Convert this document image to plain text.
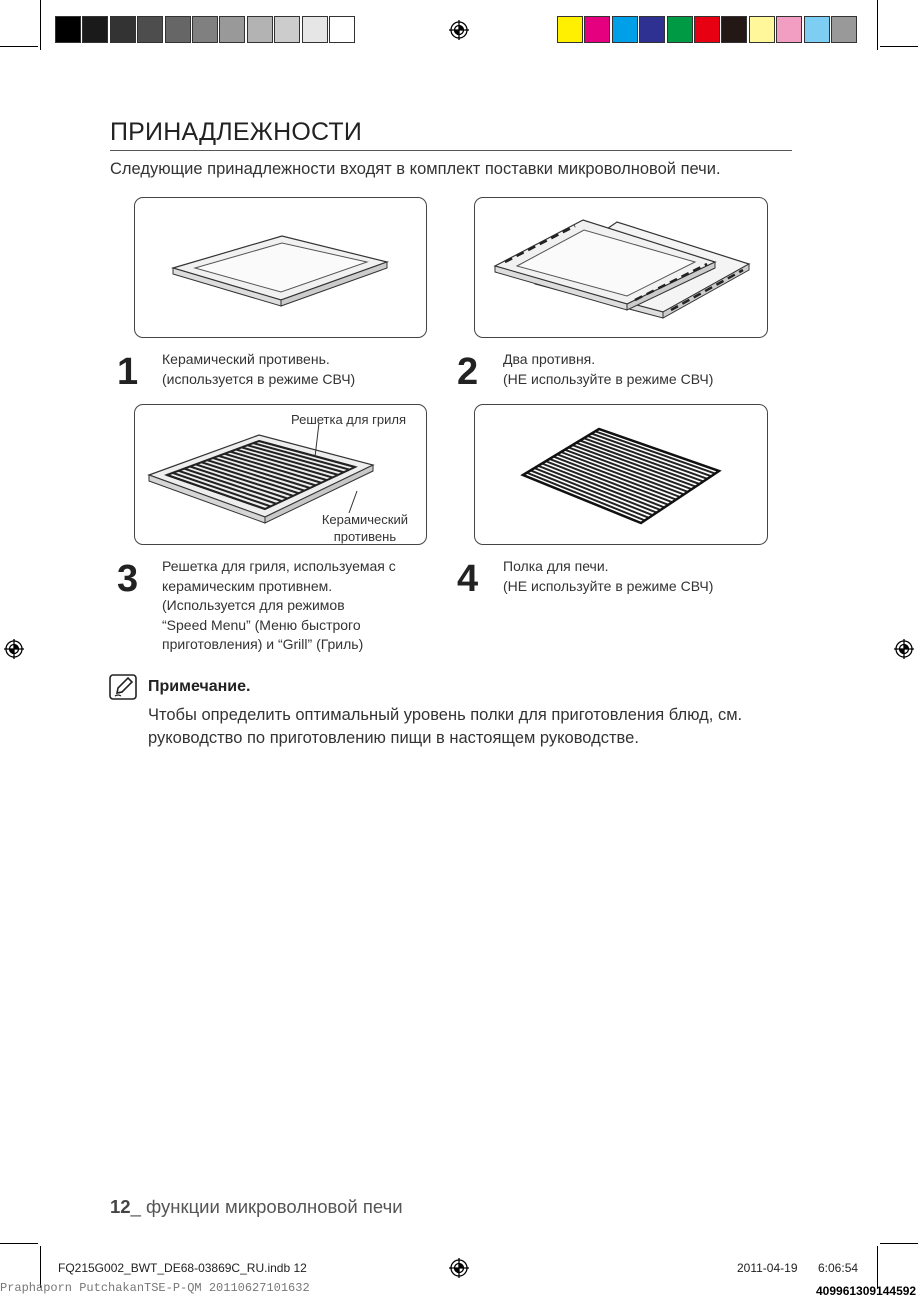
ПРИНАДЛЕЖНОСТИ
Следующие принадлежности входят в комплект поставки микроволновой печи.
1 Керамический противень.
(используется в режиме СВЧ)	2 Два противня.
(НЕ используйте в режиме СВЧ)
Решетка для гриля
Керамический
противень
3 Решетка для гриля, используемая с
керамическим противнем.
(Используется для режимов
“Speed Menu” (Меню быстрого
приготовления) и “Grill” (Гриль)
4 Полка для печи.
(НЕ используйте в режиме СВЧ)
Примечание.
Чтобы определить оптимальный уровень полки для приготовления блюд, см.
руководство по приготовлению пищи в настоящем руководстве.
12_ функции микроволновой печи
FQ215G002_BWT_DE68-03869C_RU.indb 12	2011-04-19 6:06:54
Praphaporn PutchakanTSE-P-QM 20110627101632	409961309144592
